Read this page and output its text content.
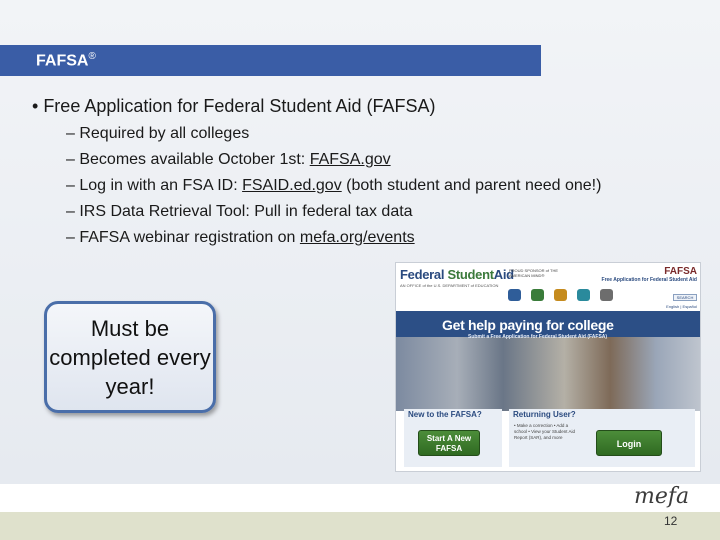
FAFSA®
• Free Application for Federal Student Aid (FAFSA)
– Required by all colleges
– Becomes available October 1st: FAFSA.gov
– Log in with an FSA ID: FSAID.ed.gov (both student and parent need one!)
– IRS Data Retrieval Tool: Pull in federal tax data
– FAFSA webinar registration on mefa.org/events
Must be completed every year!
Federal StudentAid
AN OFFICE of the U.S. DEPARTMENT of EDUCATION
PROUD SPONSOR of THE AMERICAN MIND®	FAFSA
Free Application for Federal Student Aid
SEARCH
English | Español
Get help paying for college
Submit a Free Application for Federal Student Aid (FAFSA)
New to the FAFSA?	Returning User?
• Make a correction • Add a school • View your Student Aid Report (SAR), and more
Start A New FAFSA	Login
mefa
12
